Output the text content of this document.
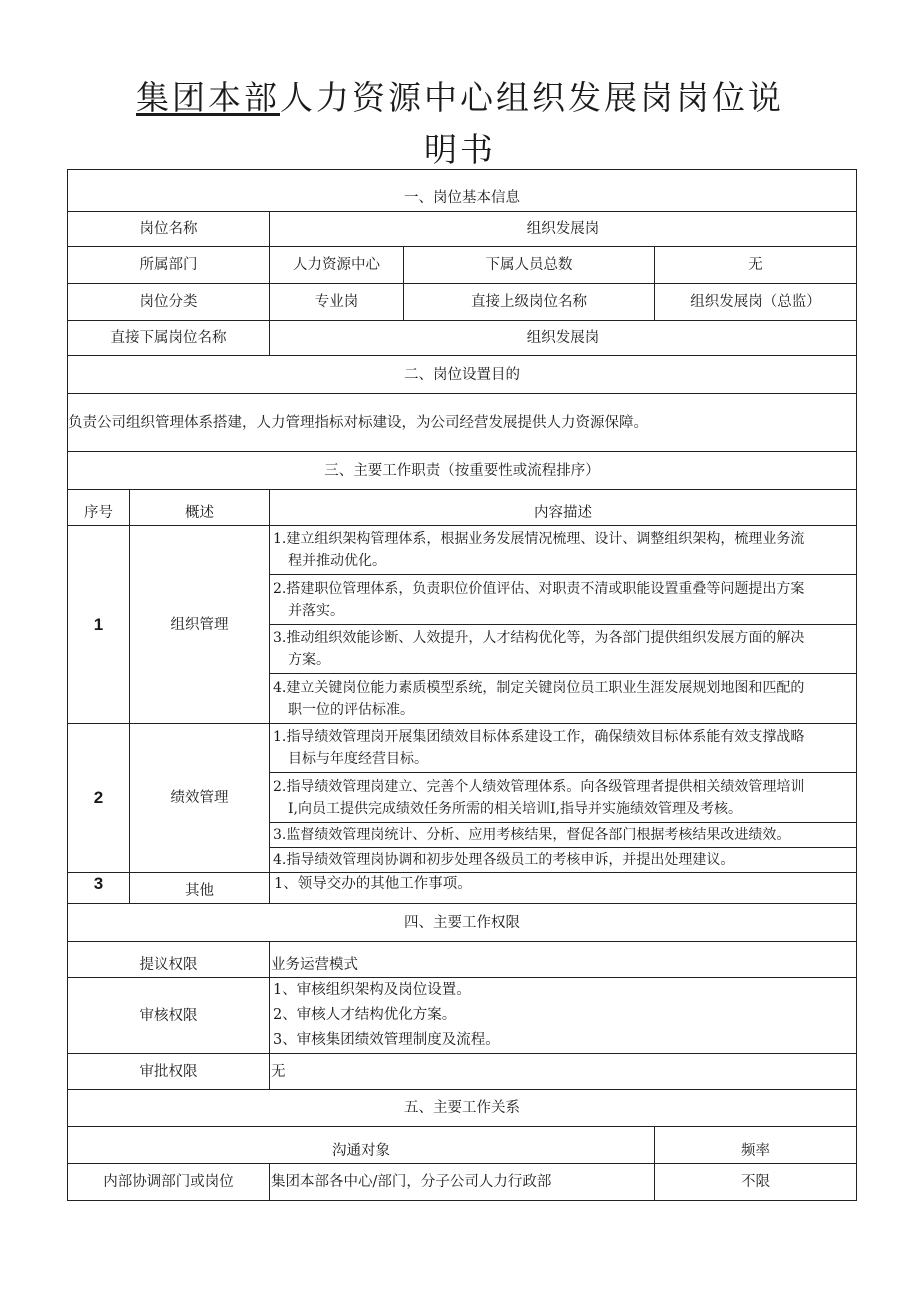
集团本部人力资源中心组织发展岗岗位说
明书
一、岗位基本信息				
岗位名称		组织发展岗		
所属部门		人力资源中心	下属人员总数	无
岗位分类		专业岗	直接上级岗位名称	组织发展岗（总监）
直接下属岗位名称		组织发展岗		
二、岗位设置目的				
负责公司组织管理体系搭建，人力管理指标对标建设，为公司经营发展提供人力资源保障。				
三、主要工作职责（按重要性或流程排序）				
序号	概述	内容描述		
1	组织管理	1.建立组织架构管理体系，根据业务发展情况梳理、设计、调整组织架构，梳理业务流
程并推动优化。		

		2.搭建职位管理体系，负责职位价值评估、对职责不清或职能设置重叠等问题提出方案
并落实。		

		3.推动组织效能诊断、人效提升，人才结构优化等，为各部门提供组织发展方面的解决
方案。		

		4.建立关键岗位能力素质模型系统，制定关键岗位员工职业生涯发展规划地图和匹配的
职一位的评估标准。		

2	绩效管理	1.指导绩效管理岗开展集团绩效目标体系建设工作，确保绩效目标体系能有效支撑战略
目标与年度经营目标。		

		2.指导绩效管理岗建立、完善个人绩效管理体系。向各级管理者提供相关绩效管理培训
I,向员工提供完成绩效任务所需的相关培训I,指导并实施绩效管理及考核。		

		3.监督绩效管理岗统计、分析、应用考核结果，督促各部门根据考核结果改进绩效。		
		4.指导绩效管理岗协调和初步处理各级员工的考核申诉，并提出处理建议。		
3	其他	1、领导交办的其他工作事项。		
四、主要工作权限				
提议权限		业务运营模式		
审核权限		1、审核组织架构及岗位设置。
2、审核人才结构优化方案。
3、审核集团绩效管理制度及流程。		

审批权限		无		
五、主要工作关系				
沟通对象				频率
内部协调部门或岗位		集团本部各中心/部门，分子公司人力行政部		不限
